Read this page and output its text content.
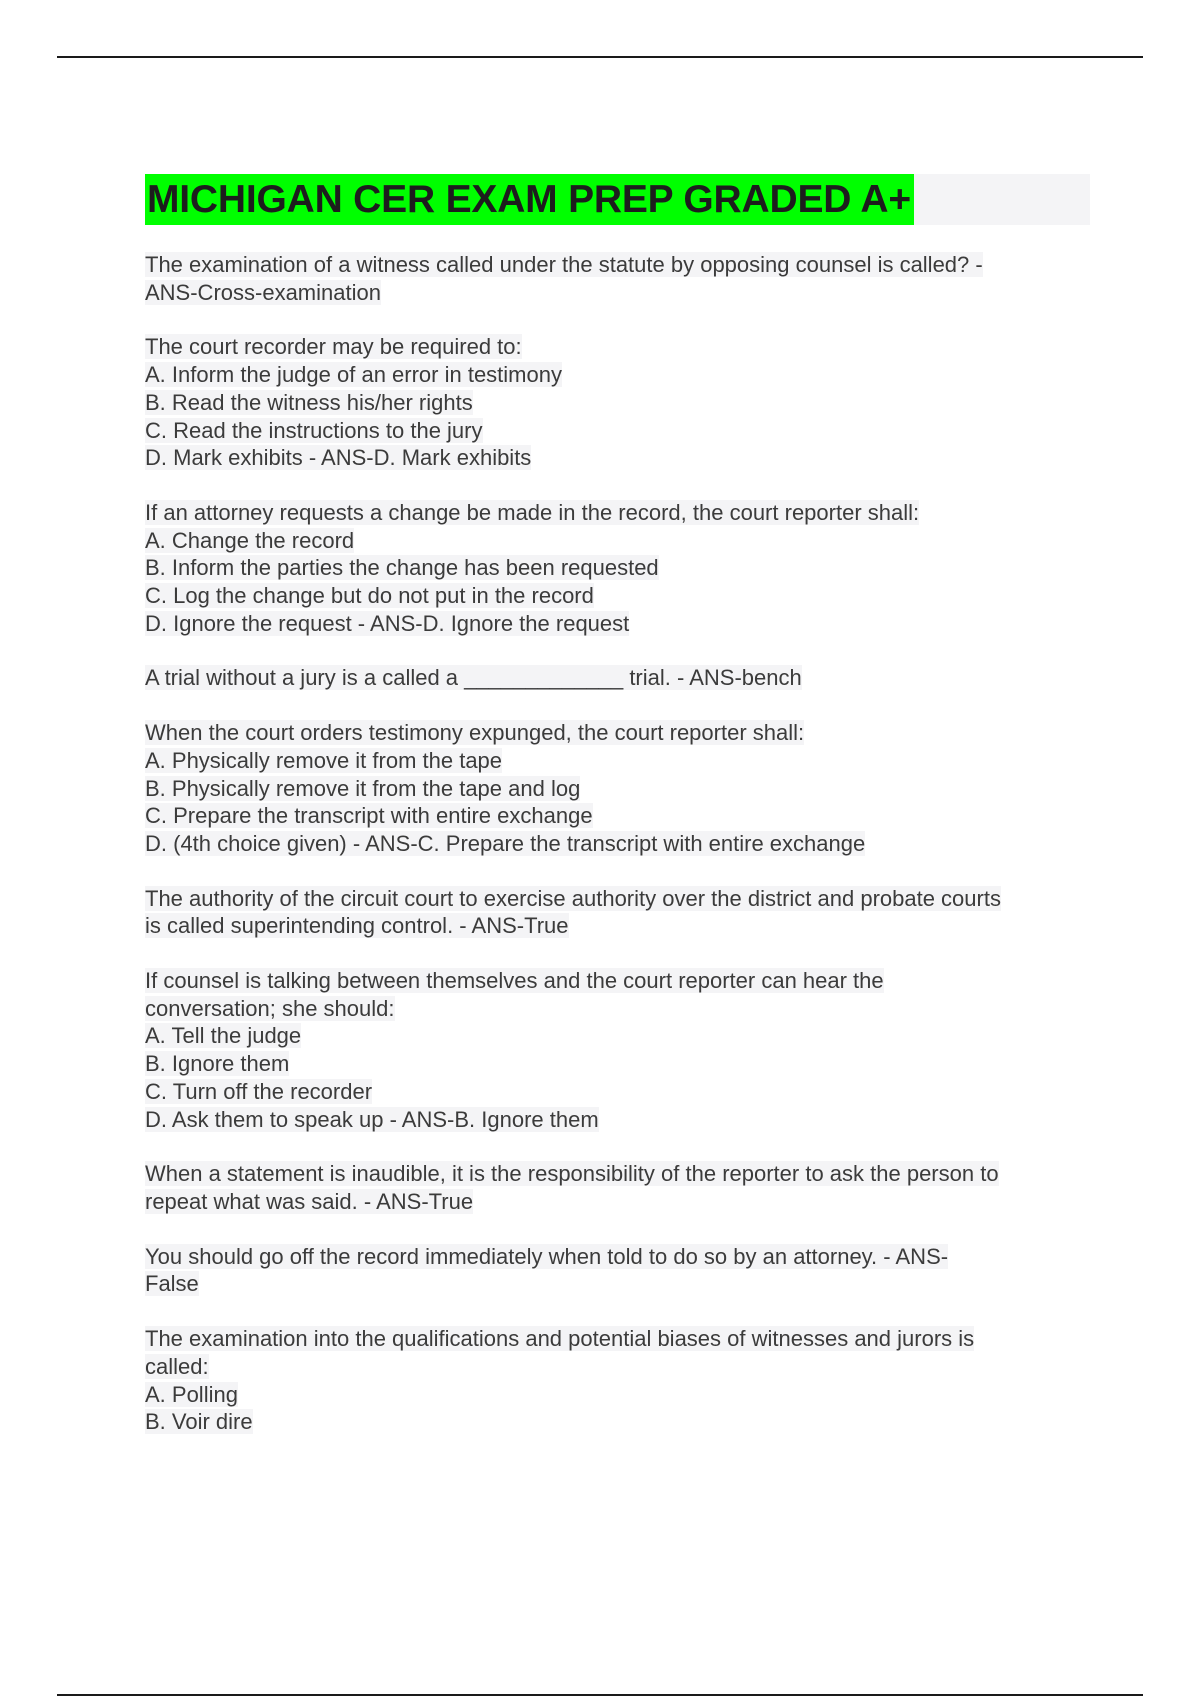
MICHIGAN CER EXAM PREP GRADED A+
The examination of a witness called under the statute by opposing counsel is called? -
ANS-Cross-examination
The court recorder may be required to:
A. Inform the judge of an error in testimony
B. Read the witness his/her rights
C. Read the instructions to the jury
D. Mark exhibits - ANS-D. Mark exhibits
If an attorney requests a change be made in the record, the court reporter shall:
A. Change the record
B. Inform the parties the change has been requested
C. Log the change but do not put in the record
D. Ignore the request - ANS-D. Ignore the request
A trial without a jury is a called a _____________ trial. - ANS-bench
When the court orders testimony expunged, the court reporter shall:
A. Physically remove it from the tape
B. Physically remove it from the tape and log
C. Prepare the transcript with entire exchange
D. (4th choice given) - ANS-C. Prepare the transcript with entire exchange
The authority of the circuit court to exercise authority over the district and probate courts
is called superintending control. - ANS-True
If counsel is talking between themselves and the court reporter can hear the
conversation; she should:
A. Tell the judge
B. Ignore them
C. Turn off the recorder
D. Ask them to speak up - ANS-B. Ignore them
When a statement is inaudible, it is the responsibility of the reporter to ask the person to
repeat what was said. - ANS-True
You should go off the record immediately when told to do so by an attorney. - ANS-
False
The examination into the qualifications and potential biases of witnesses and jurors is
called:
A. Polling
B. Voir dire
